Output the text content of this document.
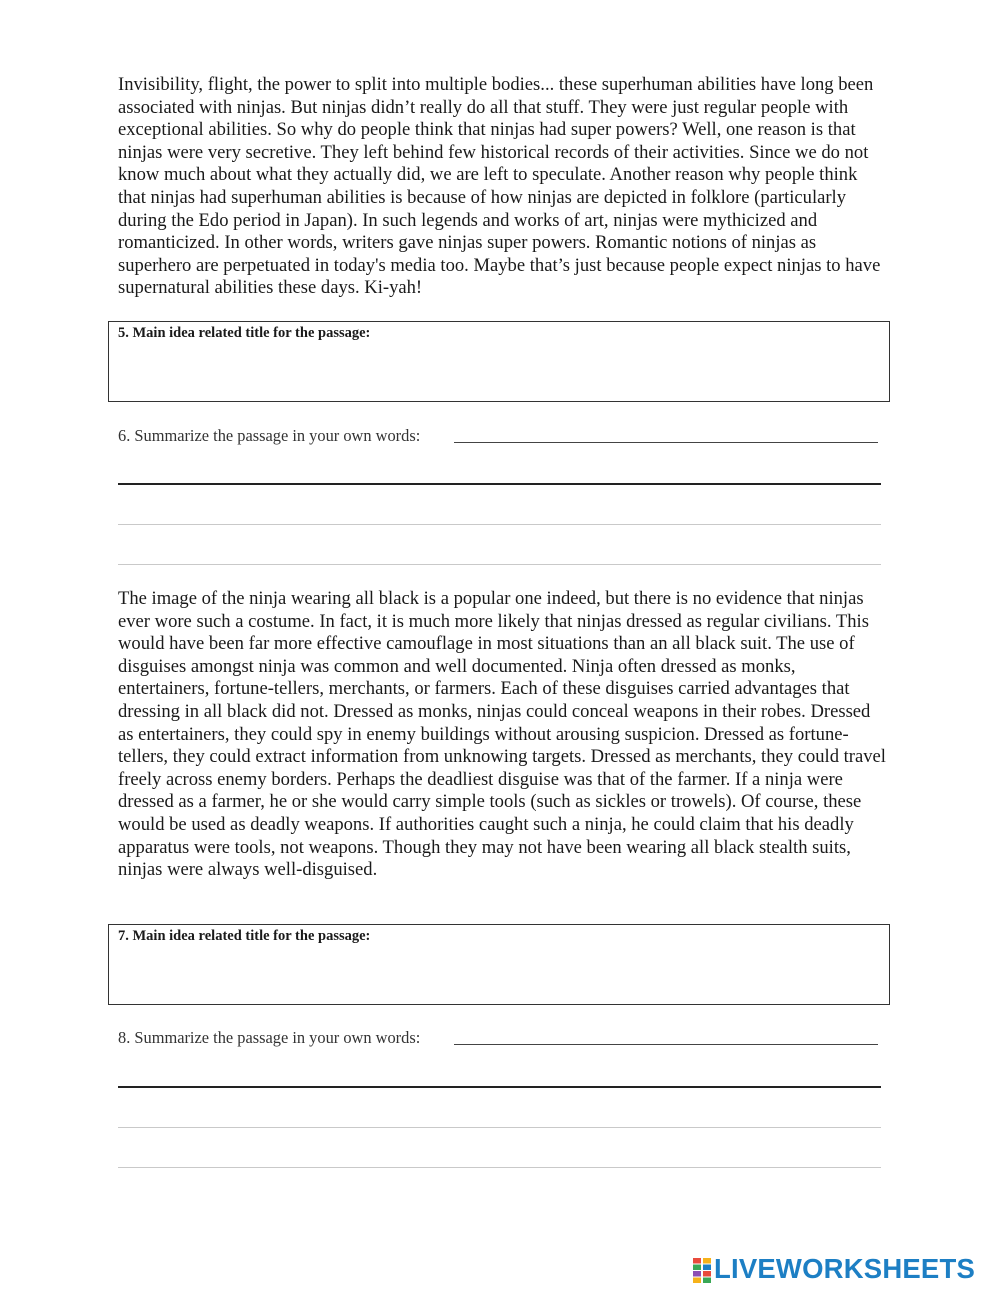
Invisibility, flight, the power to split into multiple bodies... these superhuman abilities have long been associated with ninjas. But ninjas didn’t really do all that stuff. They were just regular people with exceptional abilities. So why do people think that ninjas had super powers? Well, one reason is that ninjas were very secretive. They left behind few historical records of their activities. Since we do not know much about what they actually did, we are left to speculate. Another reason why people think that ninjas had superhuman abilities is because of how ninjas are depicted in folklore (particularly during the Edo period in Japan). In such legends and works of art, ninjas were mythicized and romanticized. In other words, writers gave ninjas super powers. Romantic notions of ninjas as superhero are perpetuated in today's media too. Maybe that’s just because people expect ninjas to have supernatural abilities these days. Ki-yah!

5. Main idea related title for the passage:
6. Summarize the passage in your own words:

The image of the ninja wearing all black is a popular one indeed, but there is no evidence that ninjas ever wore such a costume. In fact, it is much more likely that ninjas dressed as regular civilians. This would have been far more effective camouflage in most situations than an all black suit. The use of disguises amongst ninja was common and well documented. Ninja often dressed as monks, entertainers, fortune-tellers, merchants, or farmers. Each of these disguises carried advantages that dressing in all black did not. Dressed as monks, ninjas could conceal weapons in their robes. Dressed as entertainers, they could spy in enemy buildings without arousing suspicion. Dressed as fortune-tellers, they could extract information from unknowing targets. Dressed as merchants, they could travel freely across enemy borders. Perhaps the deadliest disguise was that of the farmer. If a ninja were dressed as a farmer, he or she would carry simple tools (such as sickles or trowels). Of course, these would be used as deadly weapons. If authorities caught such a ninja, he could claim that his deadly apparatus were tools, not weapons. Though they may not have been wearing all black stealth suits, ninjas were always well-disguised.

7. Main idea related title for the passage:
8. Summarize the passage in your own words:
LIVEWORKSHEETS
